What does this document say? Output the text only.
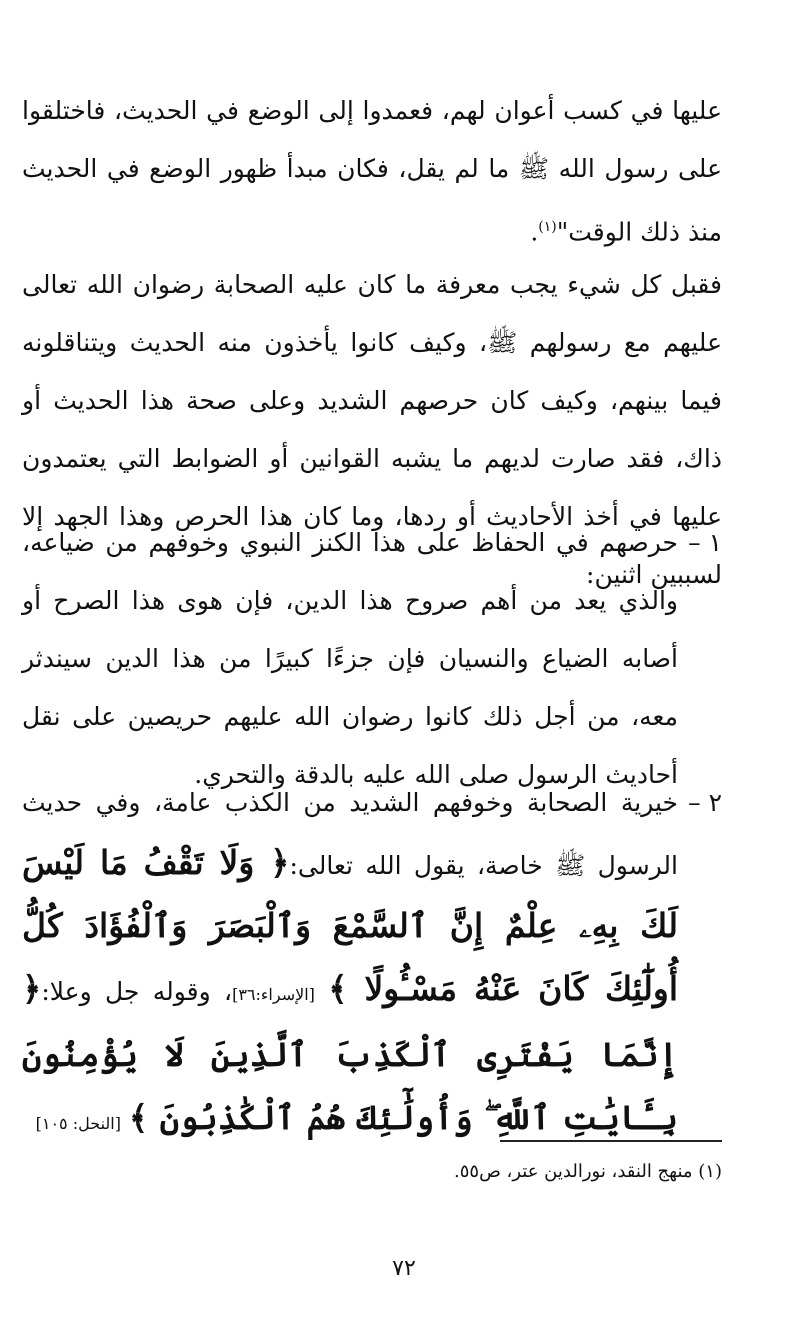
عليها في كسب أعوان لهم، فعمدوا إلى الوضع في الحديث، فاختلقوا على رسول الله ﷺ ما لم يقل، فكان مبدأ ظهور الوضع في الحديث منذ ذلك الوقت"$^{(١)}$.
فقبل كل شيء يجب معرفة ما كان عليه الصحابة رضوان الله تعالى عليهم مع رسولهم ﷺ، وكيف كانوا يأخذون منه الحديث ويتناقلونه فيما بينهم، وكيف كان حرصهم الشديد وعلى صحة هذا الحديث أو ذاك، فقد صارت لديهم ما يشبه القوانين أو الضوابط التي يعتمدون عليها في أخذ الأحاديث أو ردها، وما كان هذا الحرص وهذا الجهد إلا لسببين اثنين:
١ –
حرصهم في الحفاظ على هذا الكنز النبوي وخوفهم من ضياعه، والذي يعد من أهم صروح هذا الدين، فإن هوى هذا الصرح أو أصابه الضياع والنسيان فإن جزءًا كبيرًا من هذا الدين سيندثر معه، من أجل ذلك كانوا رضوان الله عليهم حريصين على نقل أحاديث الرسول صلى الله عليه بالدقة والتحري.
٢ –
خيرية الصحابة وخوفهم الشديد من الكذب عامة، وفي حديث الرسول ﷺ خاصة، يقول الله تعالى:﴿ وَلَا تَقْفُ مَا لَيْسَ لَكَ بِهِۦ عِلْمٌ إِنَّ ٱلسَّمْعَ وَٱلْبَصَرَ وَٱلْفُؤَادَ كُلُّ أُولَٰٓئِكَ كَانَ عَنْهُ مَسْـُٔولًا ﴾ [الإسراء:٣٦]، وقوله جل وعلا:﴿ إِنَّمَا يَفْتَرِى ٱلْكَذِبَ ٱلَّذِينَ لَا يُؤْمِنُونَ بِـَٔايَٰتِ ٱللَّهِ ۖ وَأُولَٰٓئِكَ هُمُ ٱلْكَٰذِبُونَ ﴾ [النحل: ١٠٥]
(١) منهج النقد، نورالدين عتر، ص٥٥.
٧٢
